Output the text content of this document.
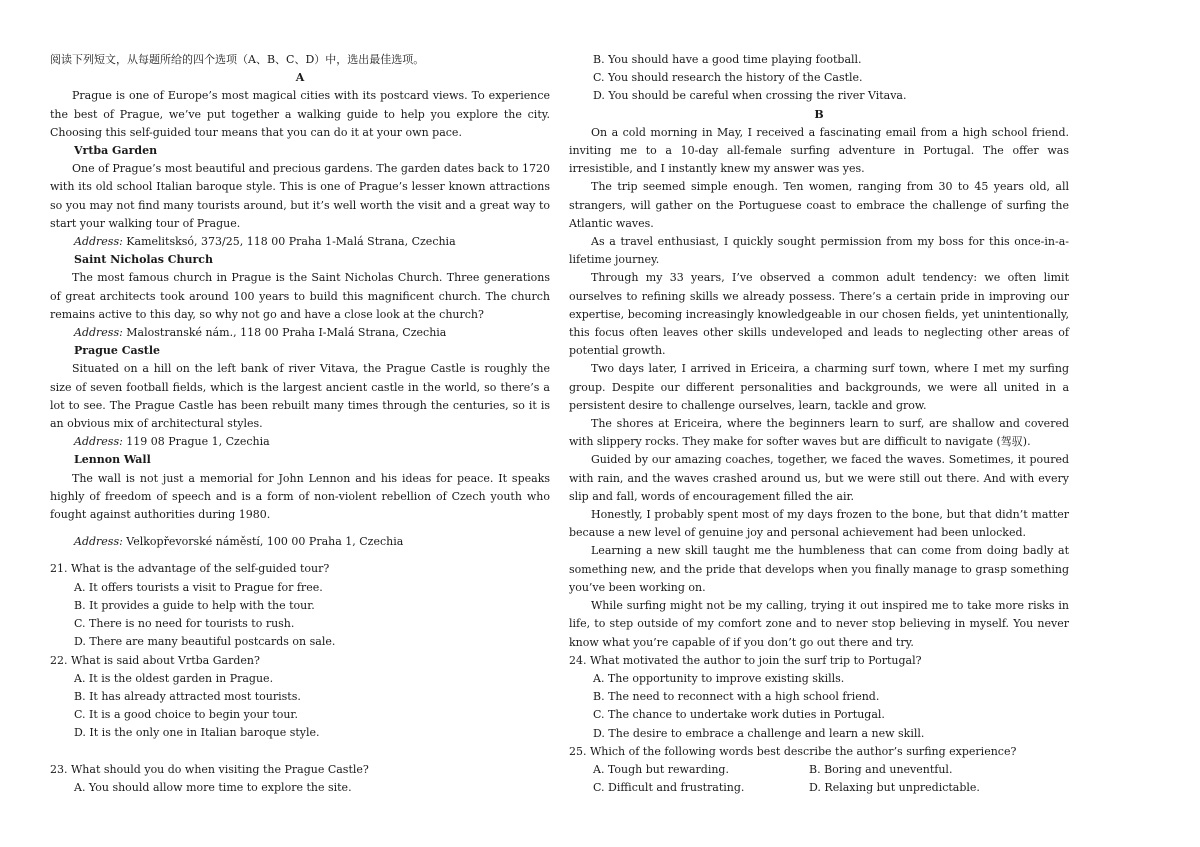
阅读下列短文，从每题所给的四个选项（A、B、C、D）中，选出最佳选项。

A

Prague is one of Europe’s most magical cities with its postcard views. To experience the best of Prague, we’ve put together a walking guide to help you explore the city. Choosing this self-guided tour means that you can do it at your own pace.

Vrtba Garden

One of Prague’s most beautiful and precious gardens. The garden dates back to 1720 with its old school Italian baroque style. This is one of Prague’s lesser known attractions so you may not find many tourists around, but it’s well worth the visit and a great way to start your walking tour of Prague.

Address: Kamelitsksó, 373/25, 118 00 Praha 1-Malá Strana, Czechia

Saint Nicholas Church

The most famous church in Prague is the Saint Nicholas Church. Three generations of great architects took around 100 years to build this magnificent church. The church remains active to this day, so why not go and have a close look at the church?

Address: Malostranské nám., 118 00 Praha I-Malá Strana, Czechia

Prague Castle

Situated on a hill on the left bank of river Vitava, the Prague Castle is roughly the size of seven football fields, which is the largest ancient castle in the world, so there’s a lot to see. The Prague Castle has been rebuilt many times through the centuries, so it is an obvious mix of architectural styles.

Address: 119 08 Prague 1, Czechia

Lennon Wall

The wall is not just a memorial for John Lennon and his ideas for peace. It speaks highly of freedom of speech and is a form of non-violent rebellion of Czech youth who fought against authorities during 1980.

Address: Velkopřevorské náměstí, 100 00 Praha 1, Czechia

21. What is the advantage of the self-guided tour?

A. It offers tourists a visit to Prague for free.

B. It provides a guide to help with the tour.

C. There is no need for tourists to rush.

D. There are many beautiful postcards on sale.

22. What is said about Vrtba Garden?

A. It is the oldest garden in Prague.

B. It has already attracted most tourists.

C. It is a good choice to begin your tour.

D. It is the only one in Italian baroque style.

23. What should you do when visiting the Prague Castle?

A. You should allow more time to explore the site.

B. You should have a good time playing football.

C. You should research the history of the Castle.

D. You should be careful when crossing the river Vitava.

B

On a cold morning in May, I received a fascinating email from a high school friend. inviting me to a 10-day all-female surfing adventure in Portugal. The offer was irresistible, and I instantly knew my answer was yes.

The trip seemed simple enough. Ten women, ranging from 30 to 45 years old, all strangers, will gather on the Portuguese coast to embrace the challenge of surfing the Atlantic waves.

As a travel enthusiast, I quickly sought permission from my boss for this once-in-a-lifetime journey.

Through my 33 years, I’ve observed a common adult tendency: we often limit ourselves to refining skills we already possess. There’s a certain pride in improving our expertise, becoming increasingly knowledgeable in our chosen fields, yet unintentionally, this focus often leaves other skills undeveloped and leads to neglecting other areas of potential growth.

Two days later, I arrived in Ericeira, a charming surf town, where I met my surfing group. Despite our different personalities and backgrounds, we were all united in a persistent desire to challenge ourselves, learn, tackle and grow.

The shores at Ericeira, where the beginners learn to surf, are shallow and covered with slippery rocks. They make for softer waves but are difficult to navigate (驾驭).

Guided by our amazing coaches, together, we faced the waves. Sometimes, it poured with rain, and the waves crashed around us, but we were still out there. And with every slip and fall, words of encouragement filled the air.

Honestly, I probably spent most of my days frozen to the bone, but that didn’t matter because a new level of genuine joy and personal achievement had been unlocked.

Learning a new skill taught me the humbleness that can come from doing badly at something new, and the pride that develops when you finally manage to grasp something you’ve been working on.

While surfing might not be my calling, trying it out inspired me to take more risks in life, to step outside of my comfort zone and to never stop believing in myself. You never know what you’re capable of if you don’t go out there and try.

24. What motivated the author to join the surf trip to Portugal?

A. The opportunity to improve existing skills.

B. The need to reconnect with a high school friend.

C. The chance to undertake work duties in Portugal.

D. The desire to embrace a challenge and learn a new skill.

25. Which of the following words best describe the author’s surfing experience?

A. Tough but rewarding.	B. Boring and uneventful.
C. Difficult and frustrating.	D. Relaxing but unpredictable.
